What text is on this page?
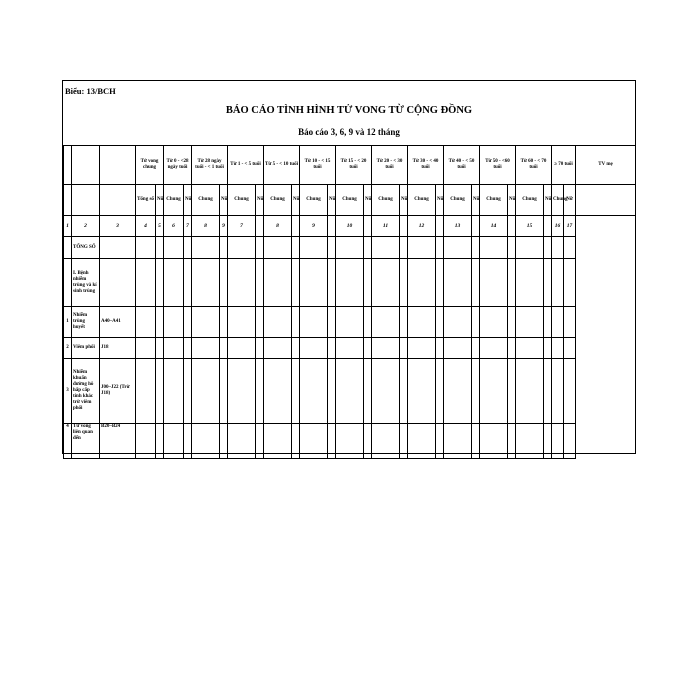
Biểu: 13/BCH
BÁO CÁO TÌNH HÌNH TỬ VONG TỪ CỘNG ĐỒNG
Báo cáo 3, 6, 9 và 12 tháng
			Tử vong chung		Từ 0 - <28 ngày tuổi		Từ 28 ngày tuổi - < 1 tuổi		Từ 1 - < 5 tuổi		Từ 5 - < 10 tuổi		Từ 10 - < 15 tuổi		Từ 15 - < 20 tuổi		Từ 20 - < 30 tuổi		Từ 30 - < 40 tuổi		Từ 40 - < 50 tuổi		Từ 50 - <60 tuổi		Từ 60 - < 70 tuổi		≥ 70 tuổi		TV mẹ
			Tổng số	Nữ	Chung	Nữ	Chung	Nữ	Chung	Nữ	Chung	Nữ	Chung	Nữ	Chung	Nữ	Chung	Nữ	Chung	Nữ	Chung	Nữ	Chung	Nữ	Chung	Nữ	Chung	Nữ	
1	2	3	4	5	6	7	8	9	7		8		9		10		11		12		13		14		15		16	17	
	TỔNG SỐ																												
	I. Bệnh nhiễm trùng và kí sinh trùng																												
1	Nhiễm trùng huyết	A40–A41																											
2	Viêm phổi	J18																											
3	Nhiễm khuẩn đường hô hấp cấp tính khác trừ viêm phổi	J00–J22 (Trừ J18)																											
4	Tử vong liên quan đến	B20–B24																											
